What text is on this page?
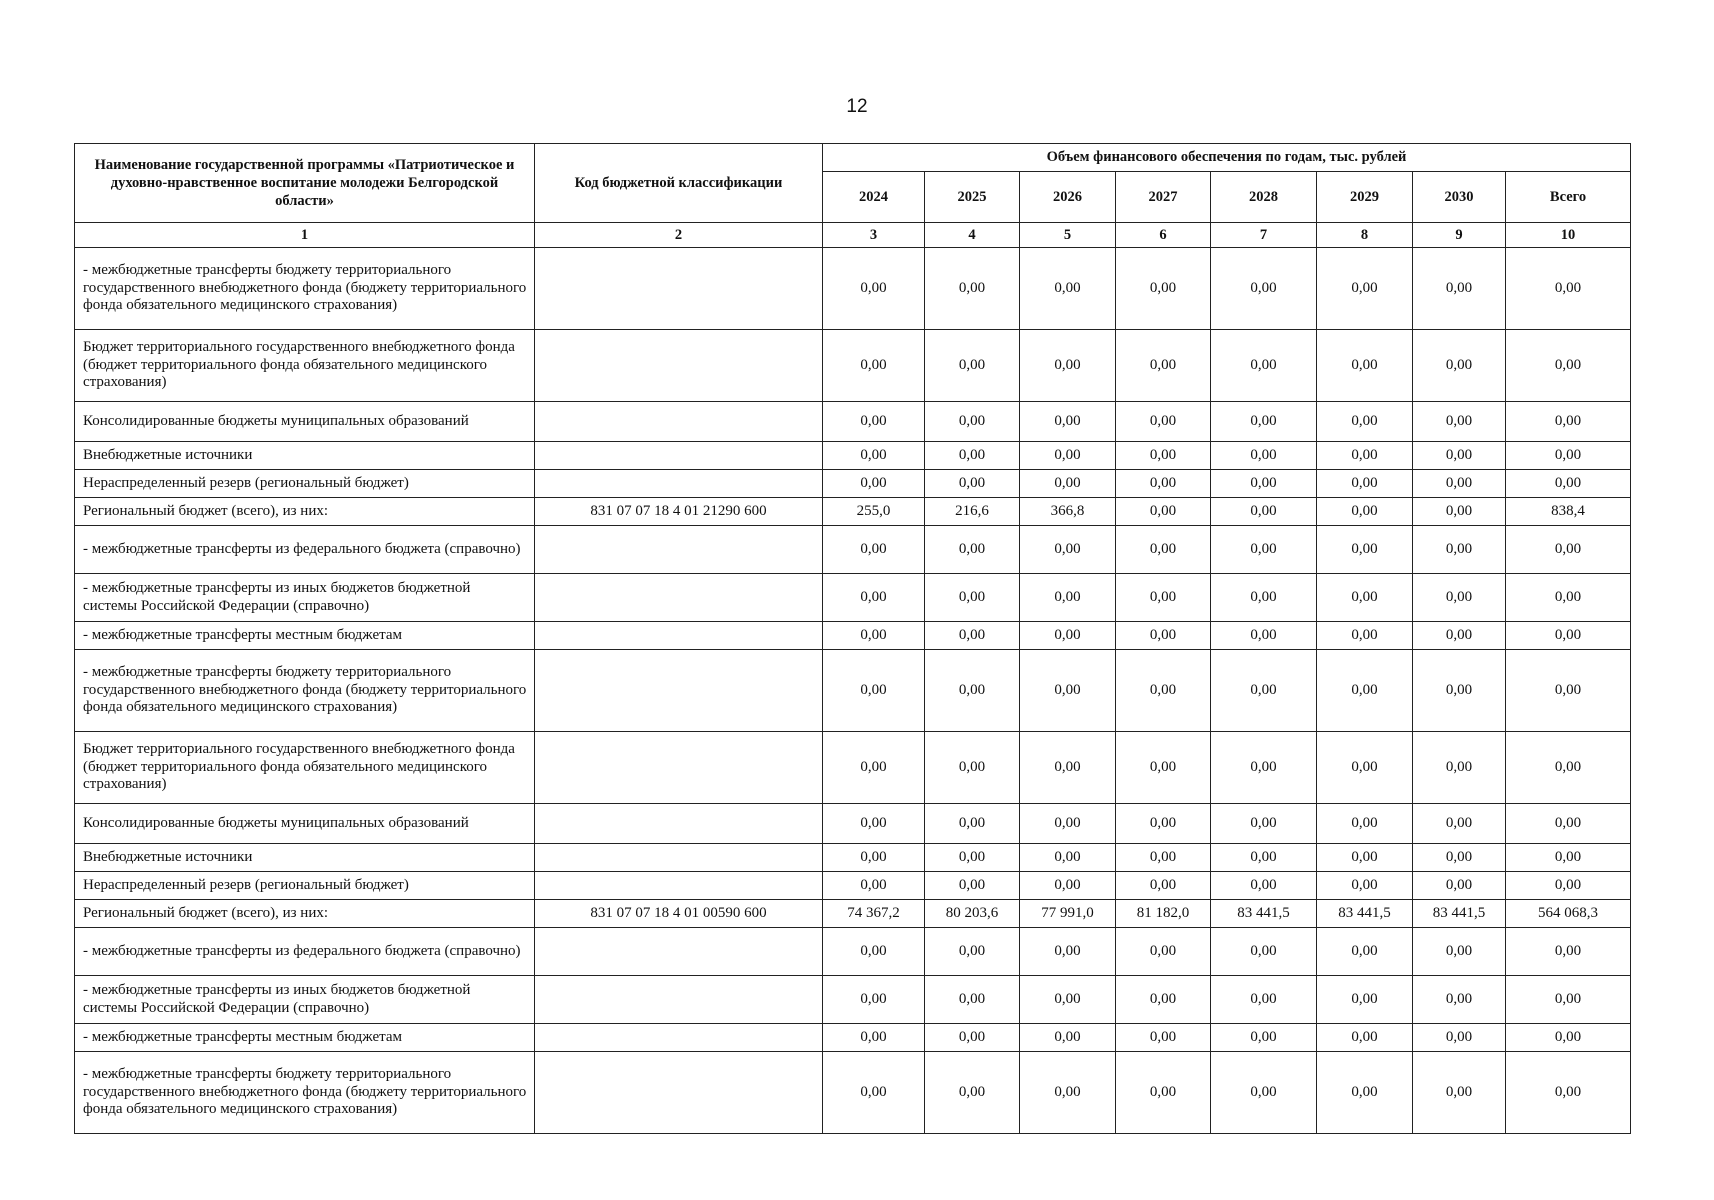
12
Наименование государственной программы «Патриотическое и духовно-нравственное воспитание молодежи Белгородской области»	Код бюджетной классификации	Объем финансового обеспечения по годам, тыс. рублей							
		2024	2025	2026	2027	2028	2029	2030	Всего
1	2	3	4	5	6	7	8	9	10
- межбюджетные трансферты бюджету территориального государственного внебюджетного фонда (бюджету территориального фонда обязательного медицинского страхования)		0,00	0,00	0,00	0,00	0,00	0,00	0,00	0,00
Бюджет территориального государственного внебюджетного фонда (бюджет территориального фонда обязательного медицинского страхования)		0,00	0,00	0,00	0,00	0,00	0,00	0,00	0,00
Консолидированные бюджеты муниципальных образований		0,00	0,00	0,00	0,00	0,00	0,00	0,00	0,00
Внебюджетные источники		0,00	0,00	0,00	0,00	0,00	0,00	0,00	0,00
Нераспределенный резерв (региональный бюджет)		0,00	0,00	0,00	0,00	0,00	0,00	0,00	0,00
Региональный бюджет (всего), из них:	831 07 07 18 4 01 21290 600	255,0	216,6	366,8	0,00	0,00	0,00	0,00	838,4
- межбюджетные трансферты из федерального бюджета (справочно)		0,00	0,00	0,00	0,00	0,00	0,00	0,00	0,00
- межбюджетные трансферты из иных бюджетов бюджетной системы Российской Федерации (справочно)		0,00	0,00	0,00	0,00	0,00	0,00	0,00	0,00
- межбюджетные трансферты местным бюджетам		0,00	0,00	0,00	0,00	0,00	0,00	0,00	0,00
- межбюджетные трансферты бюджету территориального государственного внебюджетного фонда (бюджету территориального фонда обязательного медицинского страхования)		0,00	0,00	0,00	0,00	0,00	0,00	0,00	0,00
Бюджет территориального государственного внебюджетного фонда (бюджет территориального фонда обязательного медицинского страхования)		0,00	0,00	0,00	0,00	0,00	0,00	0,00	0,00
Консолидированные бюджеты муниципальных образований		0,00	0,00	0,00	0,00	0,00	0,00	0,00	0,00
Внебюджетные источники		0,00	0,00	0,00	0,00	0,00	0,00	0,00	0,00
Нераспределенный резерв (региональный бюджет)		0,00	0,00	0,00	0,00	0,00	0,00	0,00	0,00
Региональный бюджет (всего), из них:	831 07 07 18 4 01 00590 600	74 367,2	80 203,6	77 991,0	81 182,0	83 441,5	83 441,5	83 441,5	564 068,3
- межбюджетные трансферты из федерального бюджета (справочно)		0,00	0,00	0,00	0,00	0,00	0,00	0,00	0,00
- межбюджетные трансферты из иных бюджетов бюджетной системы Российской Федерации (справочно)		0,00	0,00	0,00	0,00	0,00	0,00	0,00	0,00
- межбюджетные трансферты местным бюджетам		0,00	0,00	0,00	0,00	0,00	0,00	0,00	0,00
- межбюджетные трансферты бюджету территориального государственного внебюджетного фонда (бюджету территориального фонда обязательного медицинского страхования)		0,00	0,00	0,00	0,00	0,00	0,00	0,00	0,00
